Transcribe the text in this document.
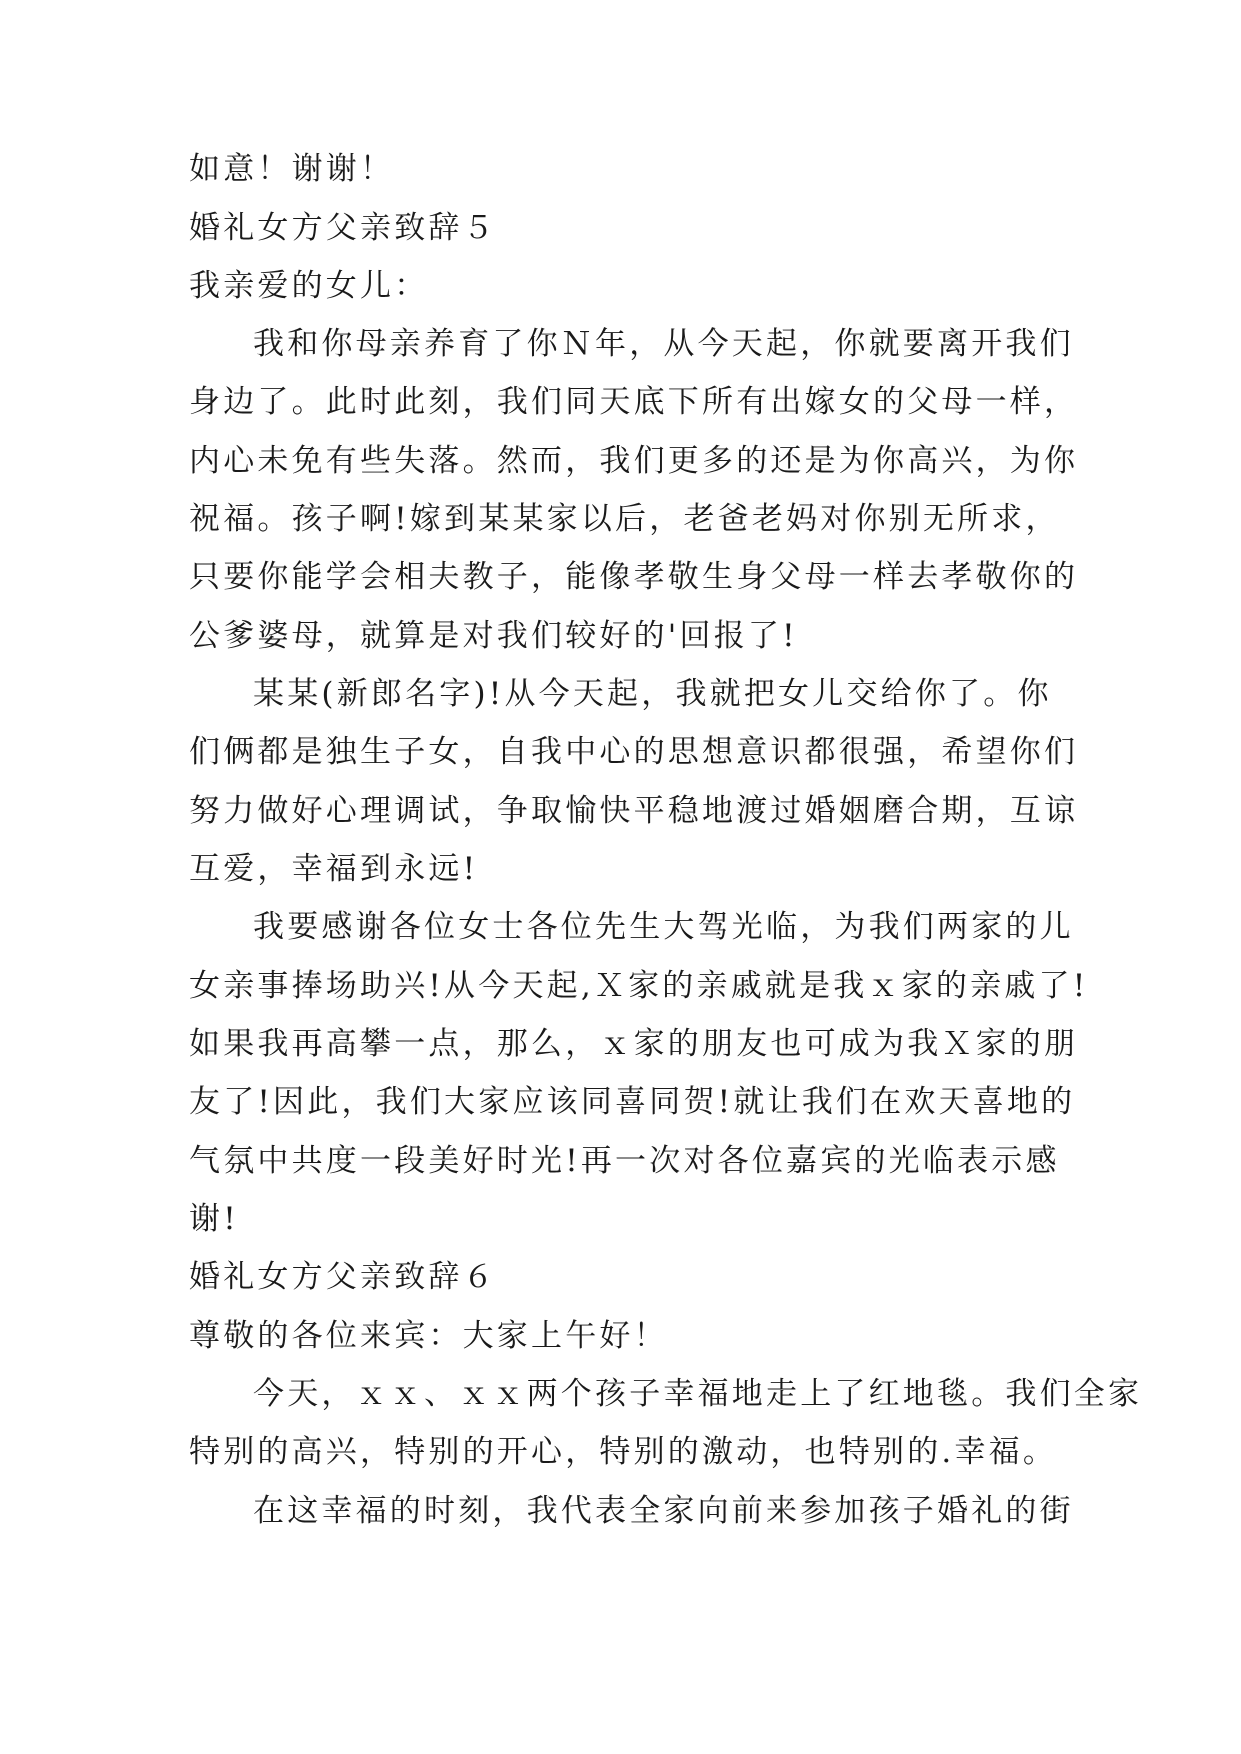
如意！谢谢！
婚礼女方父亲致辞５
我亲爱的女儿：
我和你母亲养育了你Ｎ年，从今天起，你就要离开我们
身边了。此时此刻，我们同天底下所有出嫁女的父母一样，
内心未免有些失落。然而，我们更多的还是为你高兴，为你
祝福。孩子啊!嫁到某某家以后，老爸老妈对你别无所求，
只要你能学会相夫教子，能像孝敬生身父母一样去孝敬你的
公爹婆母，就算是对我们较好的'回报了!
某某(新郎名字)!从今天起，我就把女儿交给你了。你
们俩都是独生子女，自我中心的思想意识都很强，希望你们
努力做好心理调试，争取愉快平稳地渡过婚姻磨合期，互谅
互爱，幸福到永远!
我要感谢各位女士各位先生大驾光临，为我们两家的儿
女亲事捧场助兴!从今天起,Ｘ家的亲戚就是我ｘ家的亲戚了!
如果我再高攀一点，那么，ｘ家的朋友也可成为我Ｘ家的朋
友了!因此，我们大家应该同喜同贺!就让我们在欢天喜地的
气氛中共度一段美好时光!再一次对各位嘉宾的光临表示感
谢!
婚礼女方父亲致辞６
尊敬的各位来宾：大家上午好！
今天，ｘｘ、ｘｘ两个孩子幸福地走上了红地毯。我们全家
特别的高兴，特别的开心，特别的激动，也特别的.幸福。
在这幸福的时刻，我代表全家向前来参加孩子婚礼的街
